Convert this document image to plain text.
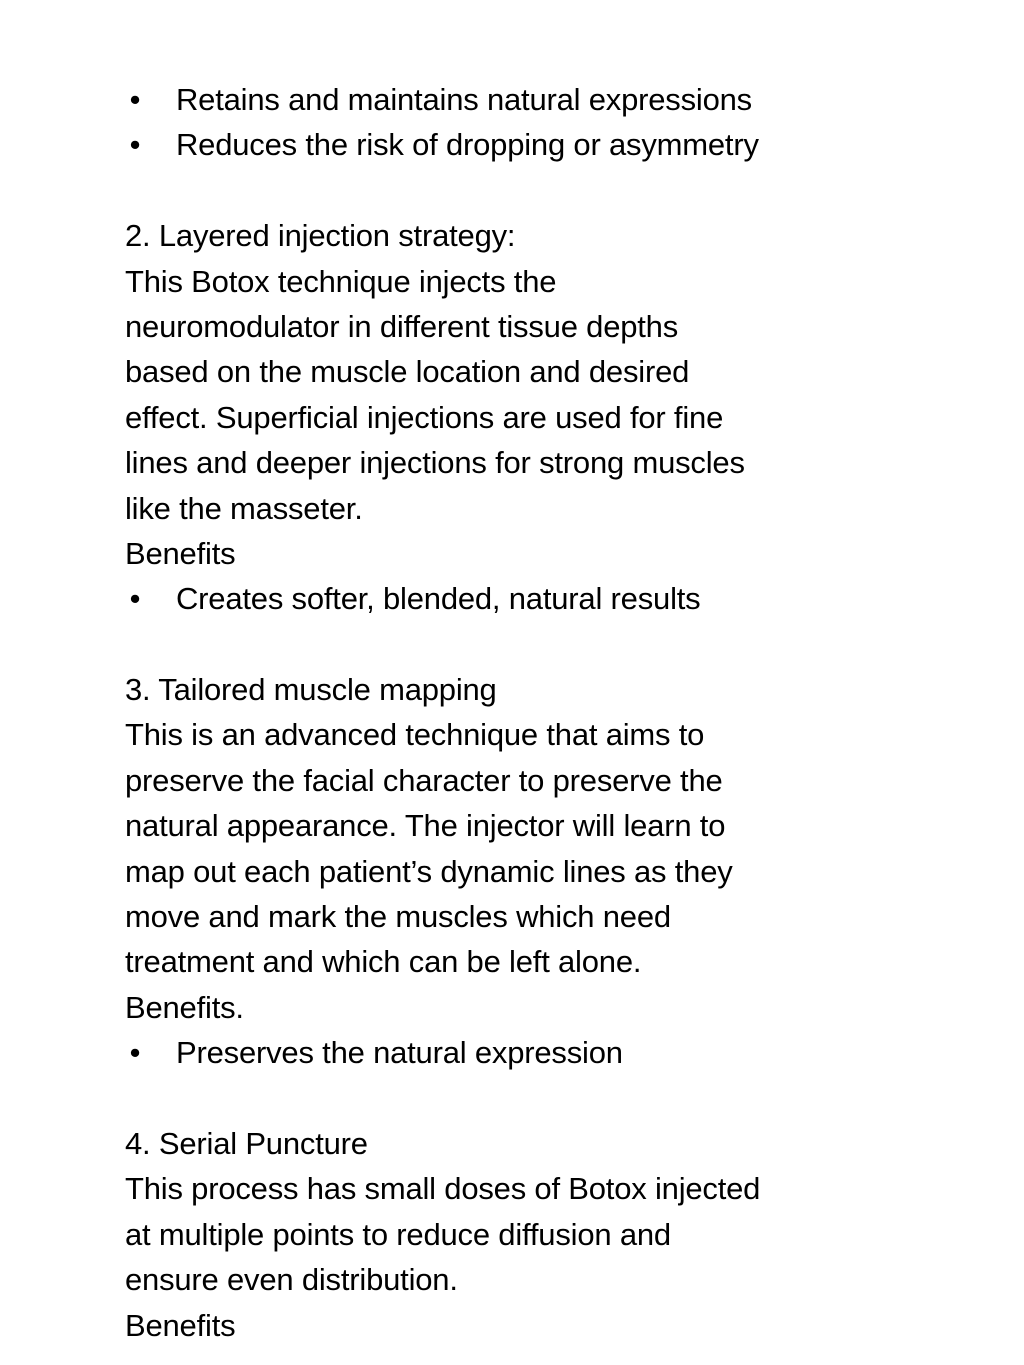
• Retains and maintains natural expressions
• Reduces the risk of dropping or asymmetry
2. Layered injection strategy:
This Botox technique injects the
neuromodulator in different tissue depths
based on the muscle location and desired
effect. Superficial injections are used for fine
lines and deeper injections for strong muscles
like the masseter.
Benefits
• Creates softer, blended, natural results
3. Tailored muscle mapping
This is an advanced technique that aims to
preserve the facial character to preserve the
natural appearance. The injector will learn to
map out each patient’s dynamic lines as they
move and mark the muscles which need
treatment and which can be left alone.
Benefits.
• Preserves the natural expression
4. Serial Puncture
This process has small doses of Botox injected
at multiple points to reduce diffusion and
ensure even distribution.
Benefits
